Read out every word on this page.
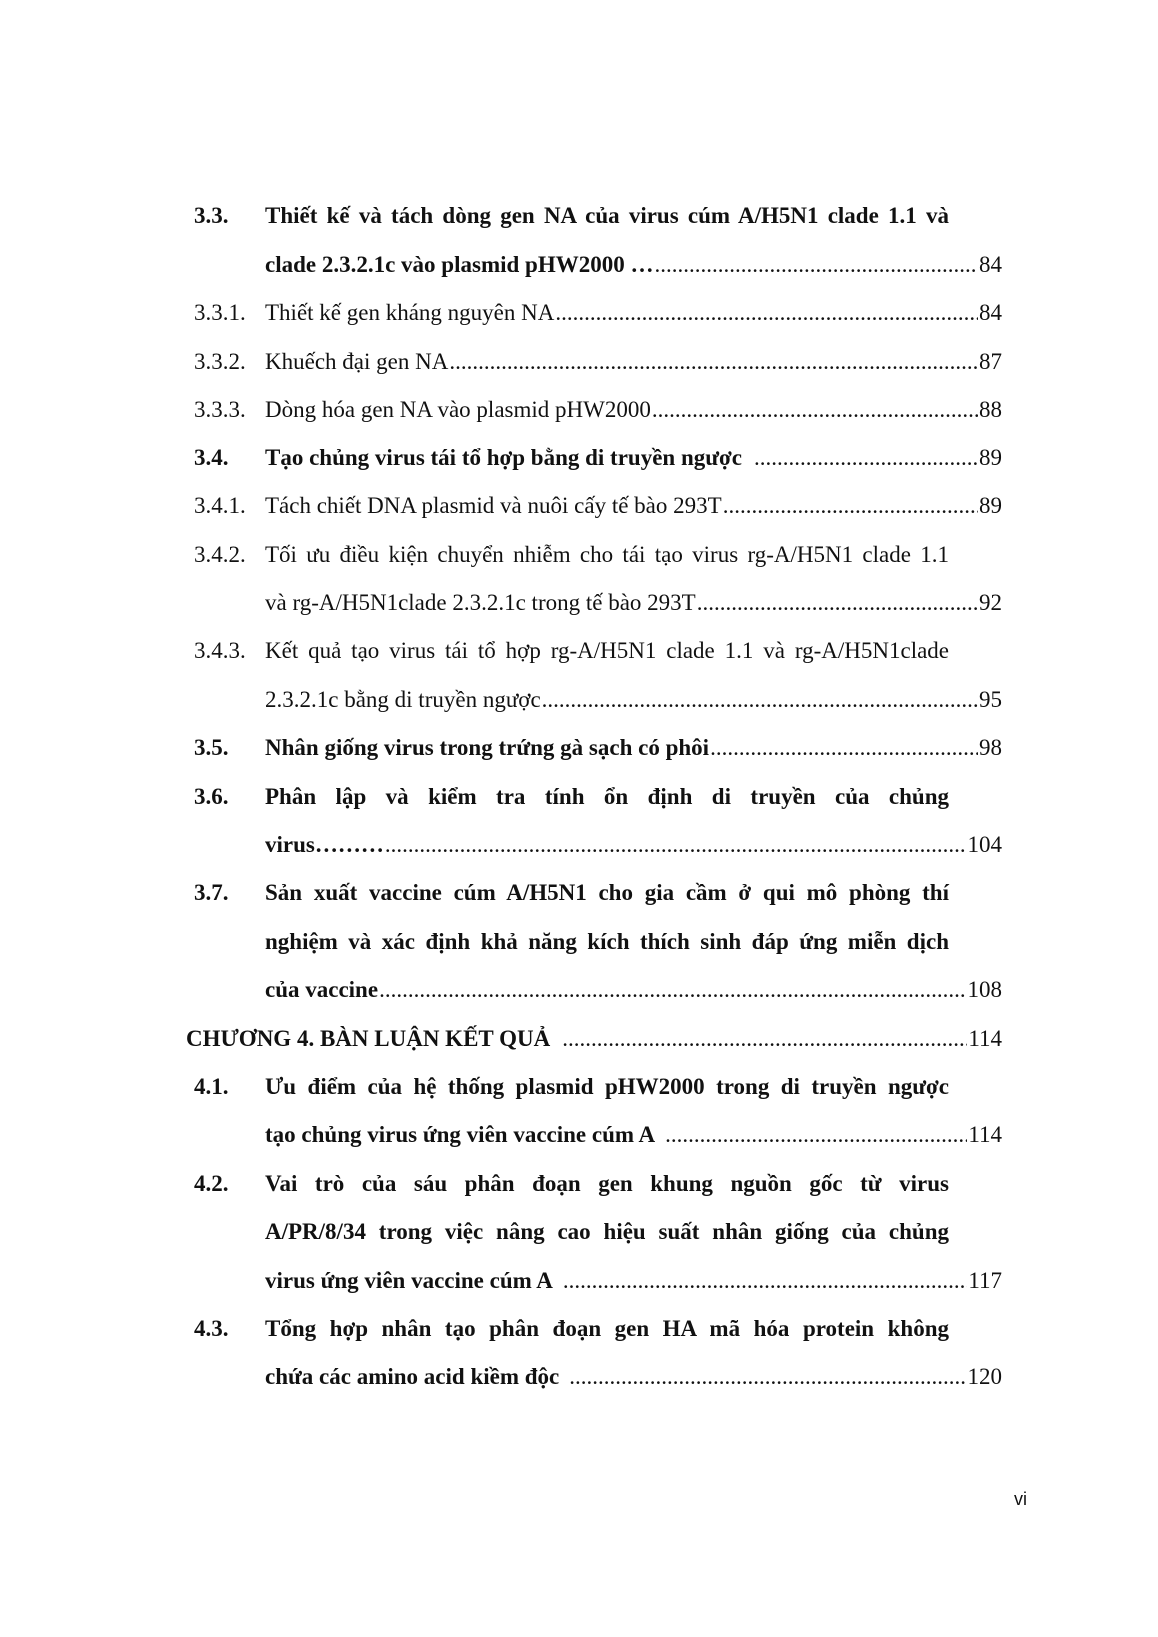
3.3. Thiết kế và tách dòng gen NA của virus cúm A/H5N1 clade 1.1 và
clade 2.3.2.1c vào plasmid pHW2000 … .....	84
3.3.1. Thiết kế gen kháng nguyên NA .....	84
3.3.2. Khuếch đại gen NA .....	87
3.3.3. Dòng hóa gen NA vào plasmid pHW2000 .....	88
3.4. Tạo chủng virus tái tổ hợp bằng di truyền ngược .....	89
3.4.1. Tách chiết DNA plasmid và nuôi cấy tế bào 293T .....	89
3.4.2. Tối ưu điều kiện chuyển nhiễm cho tái tạo virus rg-A/H5N1 clade 1.1
và rg-A/H5N1clade 2.3.2.1c trong tế bào 293T .....	92
3.4.3. Kết quả tạo virus tái tổ hợp rg-A/H5N1 clade 1.1 và rg-A/H5N1clade
2.3.2.1c bằng di truyền ngược .....	95
3.5. Nhân giống virus trong trứng gà sạch có phôi .....	98
3.6. Phân lập và kiểm tra tính ổn định di truyền của chủng
virus……… .....	104
3.7. Sản xuất vaccine cúm A/H5N1 cho gia cầm ở qui mô phòng thí
nghiệm và xác định khả năng kích thích sinh đáp ứng miễn dịch
của vaccine .....	108
CHƯƠNG 4. BÀN LUẬN KẾT QUẢ .....	114
4.1. Ưu điểm của hệ thống plasmid pHW2000 trong di truyền ngược
tạo chủng virus ứng viên vaccine cúm A .....	114
4.2. Vai trò của sáu phân đoạn gen khung nguồn gốc từ virus
A/PR/8/34 trong việc nâng cao hiệu suất nhân giống của chủng
virus ứng viên vaccine cúm A .....	117
4.3. Tổng hợp nhân tạo phân đoạn gen HA mã hóa protein không
chứa các amino acid kiềm độc .....	120
vi
